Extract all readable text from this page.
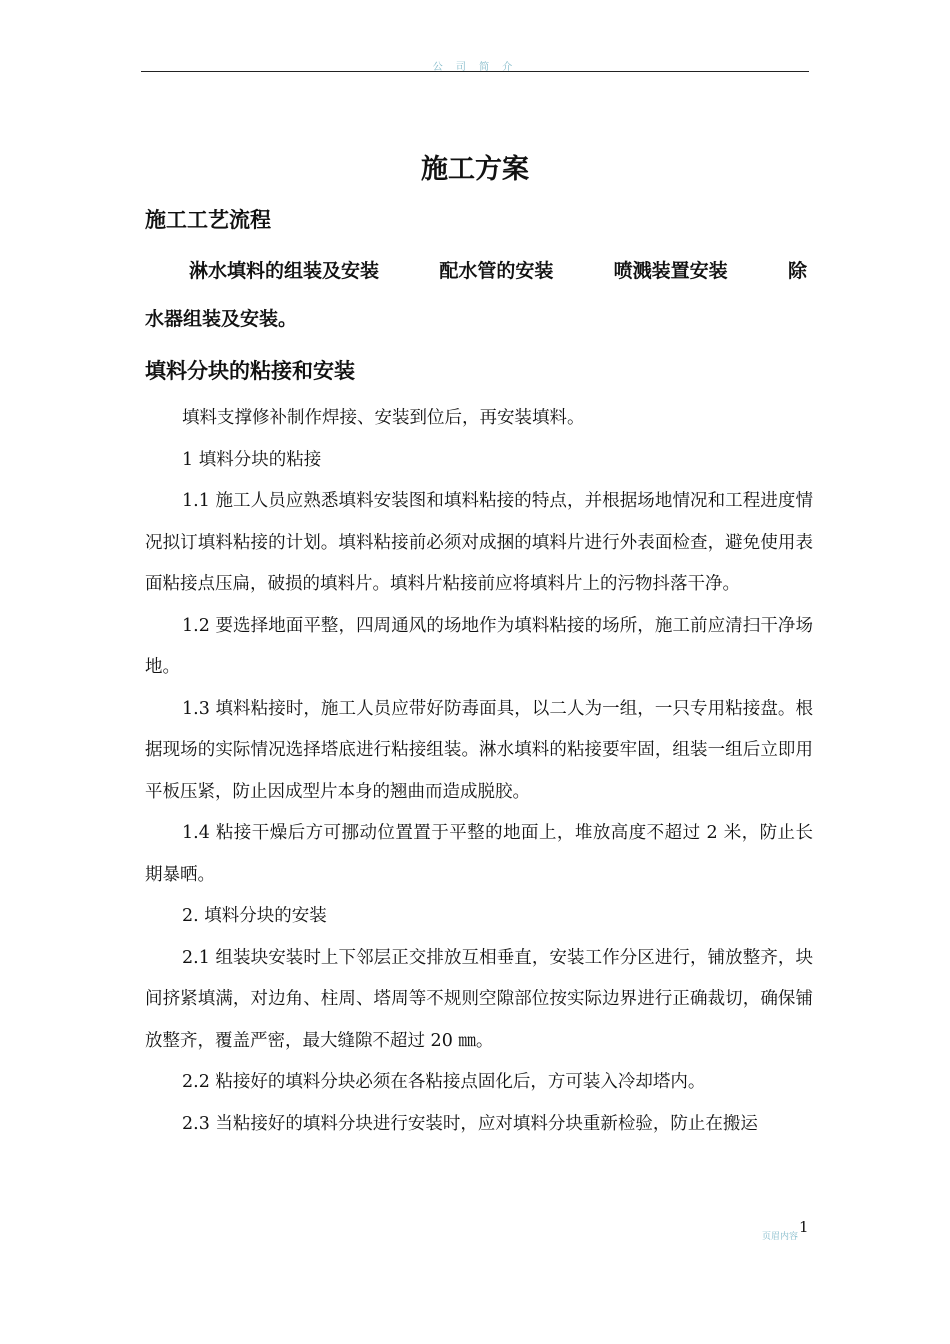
公 司 简 介
施工方案
施工工艺流程
淋水填料的组装及安装	配水管的安装	喷溅装置安装	除
水器组装及安装。
填料分块的粘接和安装

填料支撑修补制作焊接、安装到位后，再安装填料。

1 填料分块的粘接

1.1 施工人员应熟悉填料安装图和填料粘接的特点，并根据场地情况和工程进度情况拟订填料粘接的计划。填料粘接前必须对成捆的填料片进行外表面检查，避免使用表面粘接点压扁，破损的填料片。填料片粘接前应将填料片上的污物抖落干净。

1.2 要选择地面平整，四周通风的场地作为填料粘接的场所，施工前应清扫干净场地。

1.3 填料粘接时，施工人员应带好防毒面具，以二人为一组，一只专用粘接盘。根据现场的实际情况选择塔底进行粘接组装。淋水填料的粘接要牢固，组装一组后立即用平板压紧，防止因成型片本身的翘曲而造成脱胶。

1.4 粘接干燥后方可挪动位置置于平整的地面上，堆放高度不超过 2 米，防止长期暴晒。

2. 填料分块的安装

2.1 组装块安装时上下邻层正交排放互相垂直，安装工作分区进行，铺放整齐，块间挤紧填满，对边角、柱周、塔周等不规则空隙部位按实际边界进行正确裁切，确保铺放整齐，覆盖严密，最大缝隙不超过 20 ㎜。

2.2 粘接好的填料分块必须在各粘接点固化后，方可装入冷却塔内。

2.3 当粘接好的填料分块进行安装时，应对填料分块重新检验，防止在搬运

页眉内容
1
